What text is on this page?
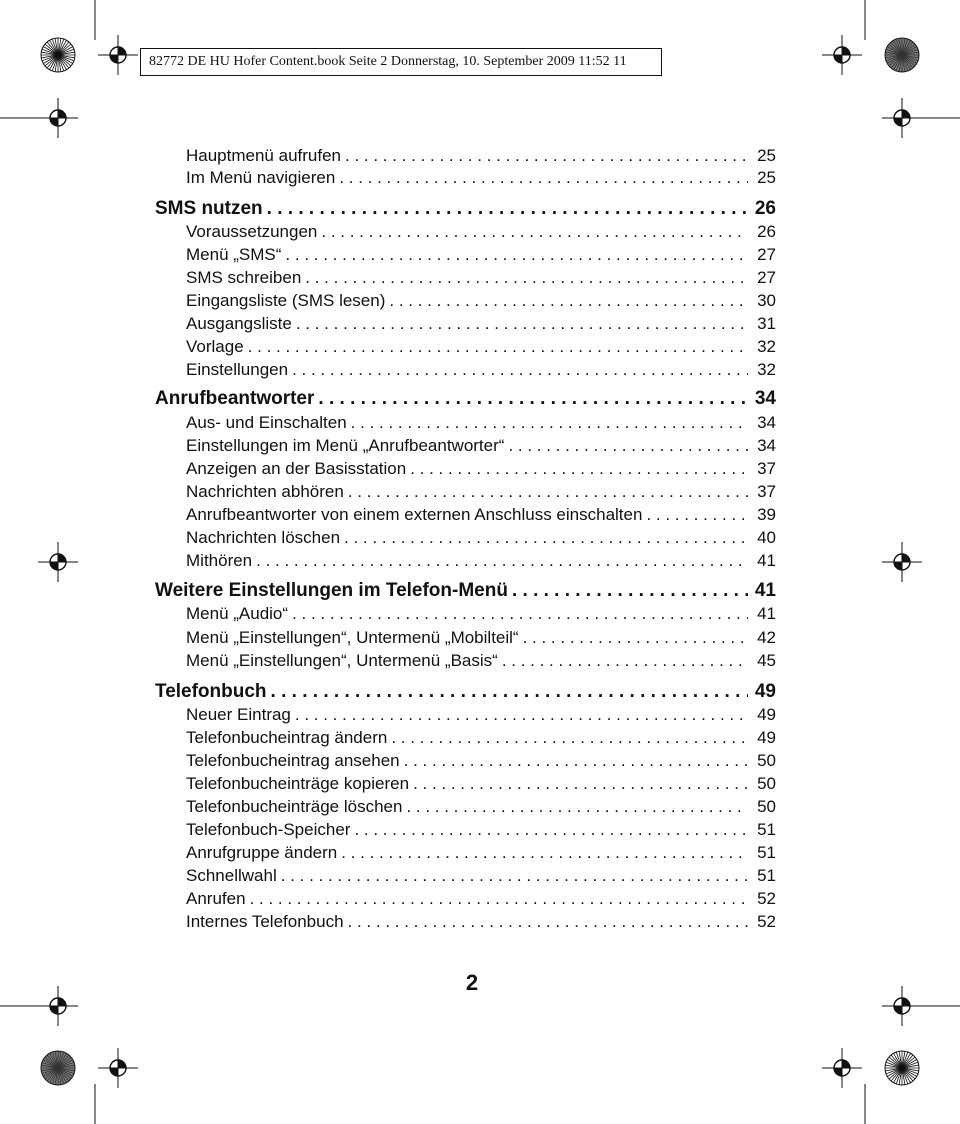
82772 DE HU Hofer Content.book Seite 2 Donnerstag, 10. September 2009 11:52 11
Hauptmenü aufrufen . . .	25
Im Menü navigieren . . .	25
SMS nutzen . . .	26
Voraussetzungen . . .	26
Menü „SMS“ . . .	27
SMS schreiben . . .	27
Eingangsliste (SMS lesen) . . .	30
Ausgangsliste . . .	31
Vorlage . . .	32
Einstellungen . . .	32
Anrufbeantworter . . .	34
Aus- und Einschalten . . .	34
Einstellungen im Menü „Anrufbeantworter“ . . .	34
Anzeigen an der Basisstation . . .	37
Nachrichten abhören . . .	37
Anrufbeantworter von einem externen Anschluss einschalten . . .	39
Nachrichten löschen . . .	40
Mithören . . .	41
Weitere Einstellungen im Telefon-Menü . . .	41
Menü „Audio“ . . .	41
Menü „Einstellungen“, Untermenü „Mobilteil“ . . .	42
Menü „Einstellungen“, Untermenü „Basis“ . . .	45
Telefonbuch . . .	49
Neuer Eintrag . . .	49
Telefonbucheintrag ändern . . .	49
Telefonbucheintrag ansehen . . .	50
Telefonbucheinträge kopieren . . .	50
Telefonbucheinträge löschen . . .	50
Telefonbuch-Speicher . . .	51
Anrufgruppe ändern . . .	51
Schnellwahl . . .	51
Anrufen . . .	52
Internes Telefonbuch . . .	52
2
